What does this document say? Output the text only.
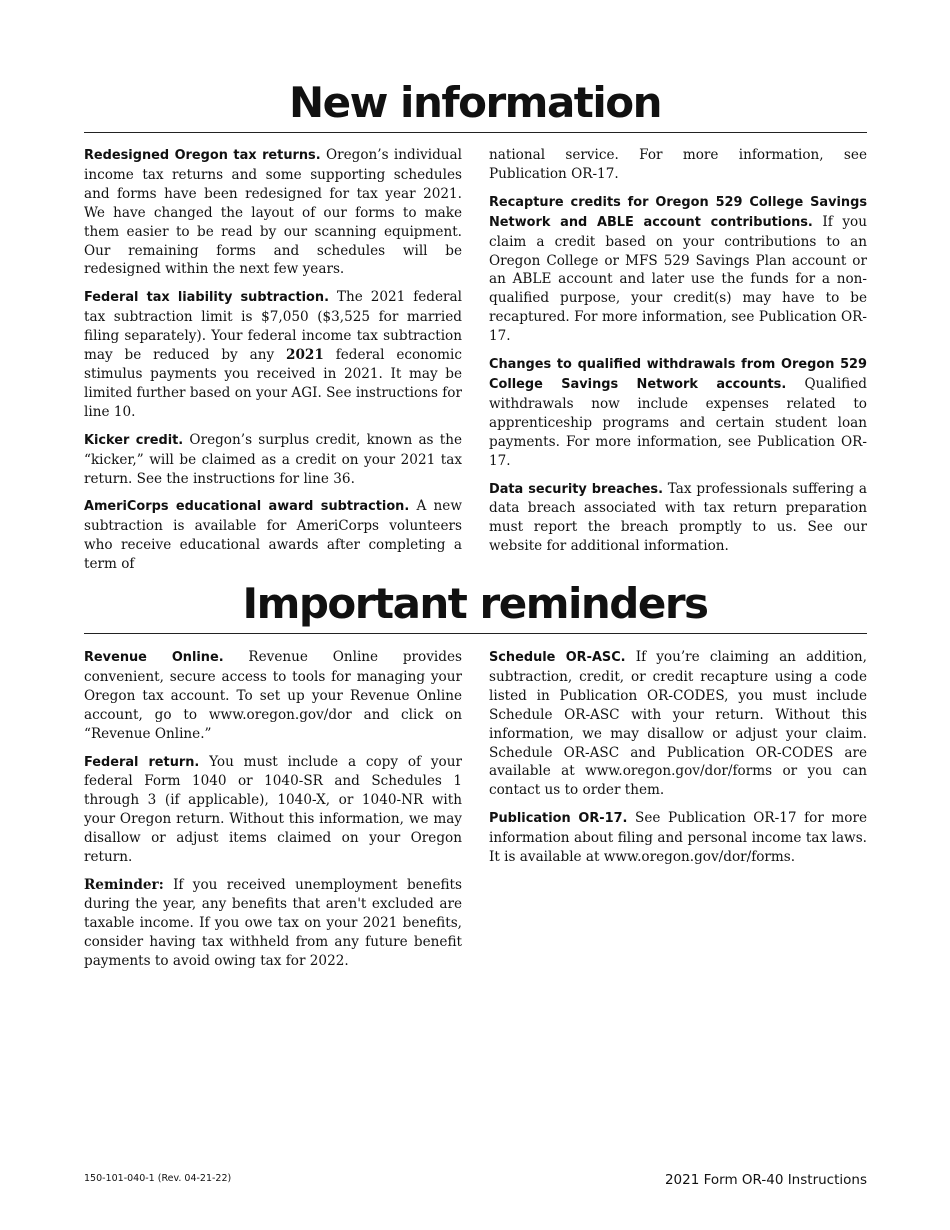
New information

Redesigned Oregon tax returns. Oregon’s individual income tax returns and some supporting schedules and forms have been redesigned for tax year 2021. We have changed the layout of our forms to make them easier to be read by our scanning equipment. Our remaining forms and schedules will be redesigned within the next few years.

Federal tax liability subtraction. The 2021 federal tax subtraction limit is $7,050 ($3,525 for married filing separately). Your federal income tax subtraction may be reduced by any 2021 federal economic stimulus payments you received in 2021. It may be limited further based on your AGI. See instructions for line 10.

Kicker credit. Oregon’s surplus credit, known as the “kicker,” will be claimed as a credit on your 2021 tax return. See the instructions for line 36.

AmeriCorps educational award subtraction. A new subtraction is available for AmeriCorps volunteers who receive educational awards after completing a term of

national service. For more information, see Publication OR-17.

Recapture credits for Oregon 529 College Savings Network and ABLE account contributions. If you claim a credit based on your contributions to an Oregon College or MFS 529 Savings Plan account or an ABLE account and later use the funds for a non-qualified purpose, your credit(s) may have to be recaptured. For more information, see Publication OR-17.

Changes to qualified withdrawals from Oregon 529 College Savings Network accounts. Qualified withdrawals now include expenses related to apprenticeship programs and certain student loan payments. For more information, see Publication OR-17.

Data security breaches. Tax professionals suffering a data breach associated with tax return preparation must report the breach promptly to us. See our website for additional information.

Important reminders

Revenue Online. Revenue Online provides convenient, secure access to tools for managing your Oregon tax account. To set up your Revenue Online account, go to www.oregon.gov/dor and click on “Revenue Online.”

Federal return. You must include a copy of your federal Form 1040 or 1040-SR and Schedules 1 through 3 (if applicable), 1040-X, or 1040-NR with your Oregon return. Without this information, we may disallow or adjust items claimed on your Oregon return.

Reminder: If you received unemployment benefits during the year, any benefits that aren't excluded are taxable income. If you owe tax on your 2021 benefits, consider having tax withheld from any future benefit payments to avoid owing tax for 2022.

Schedule OR-ASC. If you’re claiming an addition, subtraction, credit, or credit recapture using a code listed in Publication OR-CODES, you must include Schedule OR-ASC with your return. Without this information, we may disallow or adjust your claim. Schedule OR-ASC and Publication OR-CODES are available at www.oregon.gov/dor/forms or you can contact us to order them.

Publication OR-17. See Publication OR-17 for more information about filing and personal income tax laws. It is available at www.oregon.gov/dor/forms.

150-101-040-1 (Rev. 04-21-22)	2021 Form OR-40 Instructions
